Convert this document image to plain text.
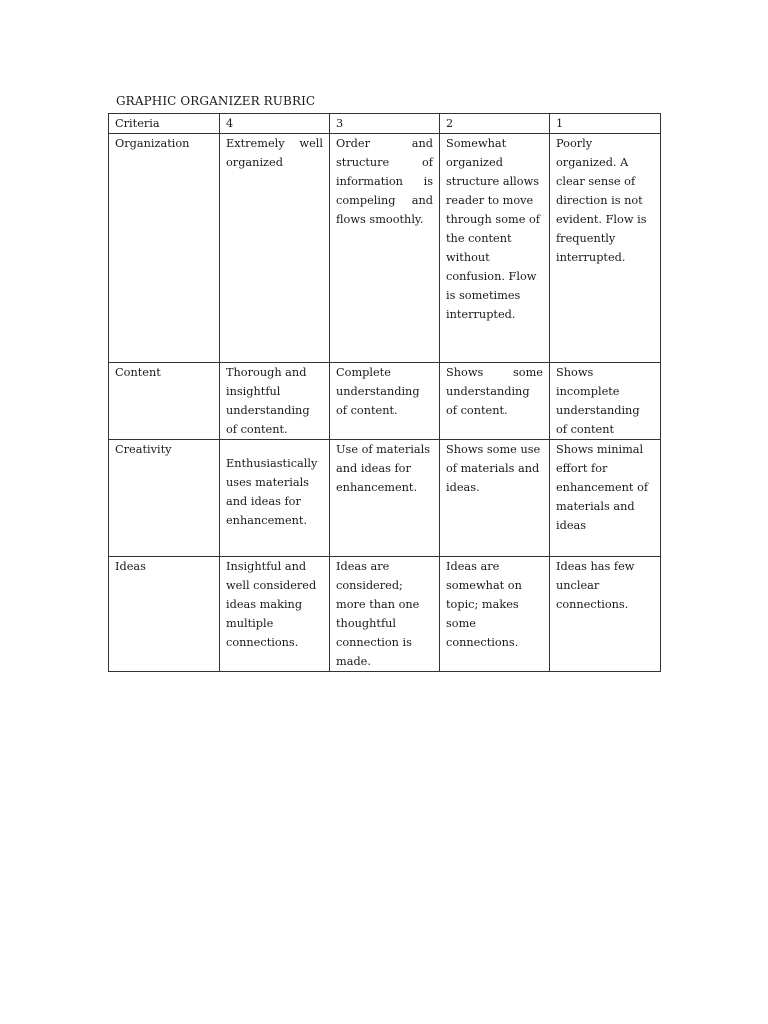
GRAPHIC ORGANIZER RUBRIC
Criteria	4	3	2	1

Organization	Extremely well organized	Order and structure of information is compeling and flows smoothly.	Somewhat organized structure allows reader to move through some of the content without confusion. Flow is sometimes interrupted.	Poorly organized. A clear sense of direction is not evident. Flow is frequently interrupted.

Content	Thorough and insightful understanding of content.	Complete understanding of content.	Shows some understanding of content.	Shows incomplete understanding of content

Creativity	Enthusiastically uses materials and ideas for enhancement.	Use of materials and ideas for enhancement.	Shows some use of materials and ideas.	Shows minimal effort for enhancement of materials and ideas

Ideas	Insightful and well considered ideas making multiple connections.	Ideas are considered; more than one thoughtful connection is made.	Ideas are somewhat on topic; makes some connections.	Ideas has few unclear connections.
